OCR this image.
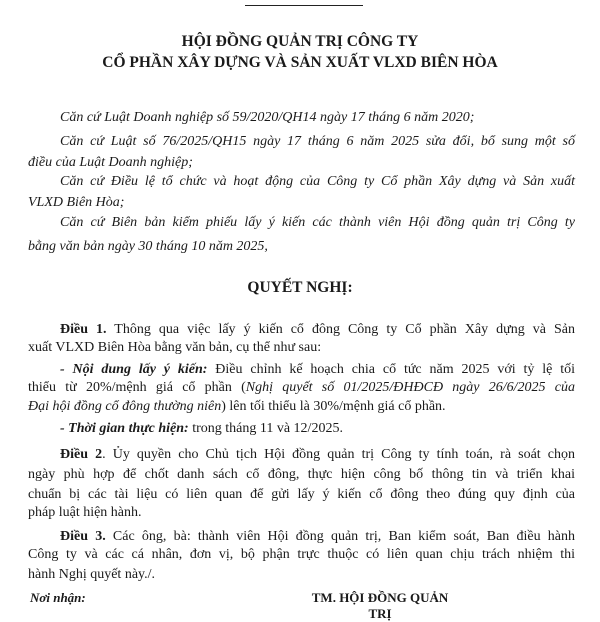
HỘI ĐỒNG QUẢN TRỊ CÔNG TY
CỔ PHẦN XÂY DỰNG VÀ SẢN XUẤT VLXD BIÊN HÒA
QUYẾT NGHỊ:
Căn cứ Luật Doanh nghiệp số 59/2020/QH14 ngày 17 tháng 6 năm 2020;
Căn cứ Luật số 76/2025/QH15 ngày 17 tháng 6 năm 2025 sửa đổi, bổ sung một số
điều của Luật Doanh nghiệp;
Căn cứ Điều lệ tổ chức và hoạt động của Công ty Cổ phần Xây dựng và Sản xuất
VLXD Biên Hòa;
Căn cứ Biên bản kiểm phiếu lấy ý kiến các thành viên Hội đồng quản trị Công ty
bằng văn bản ngày 30 tháng 10 năm 2025,
Điều 1. Thông qua việc lấy ý kiến cổ đông Công ty Cổ phần Xây dựng và Sản
xuất VLXD Biên Hòa bằng văn bản, cụ thể như sau:
- Nội dung lấy ý kiến: Điều chỉnh kế hoạch chia cổ tức năm 2025 với tỷ lệ tối
thiểu từ 20%/mệnh giá cổ phần (Nghị quyết số 01/2025/ĐHĐCĐ ngày 26/6/2025 của
Đại hội đồng cổ đông thường niên) lên tối thiểu là 30%/mệnh giá cổ phần.
- Thời gian thực hiện: trong tháng 11 và 12/2025.
Điều 2. Ủy quyền cho Chủ tịch Hội đồng quản trị Công ty tính toán, rà soát chọn
ngày phù hợp để chốt danh sách cổ đông, thực hiện công bố thông tin và triển khai
chuẩn bị các tài liệu có liên quan để gửi lấy ý kiến cổ đông theo đúng quy định của
pháp luật hiện hành.
Điều 3. Các ông, bà: thành viên Hội đồng quản trị, Ban kiểm soát, Ban điều hành
Công ty và các cá nhân, đơn vị, bộ phận trực thuộc có liên quan chịu trách nhiệm thi
hành Nghị quyết này./.
Nơi nhận:	TM. HỘI ĐỒNG QUẢN TRỊ
